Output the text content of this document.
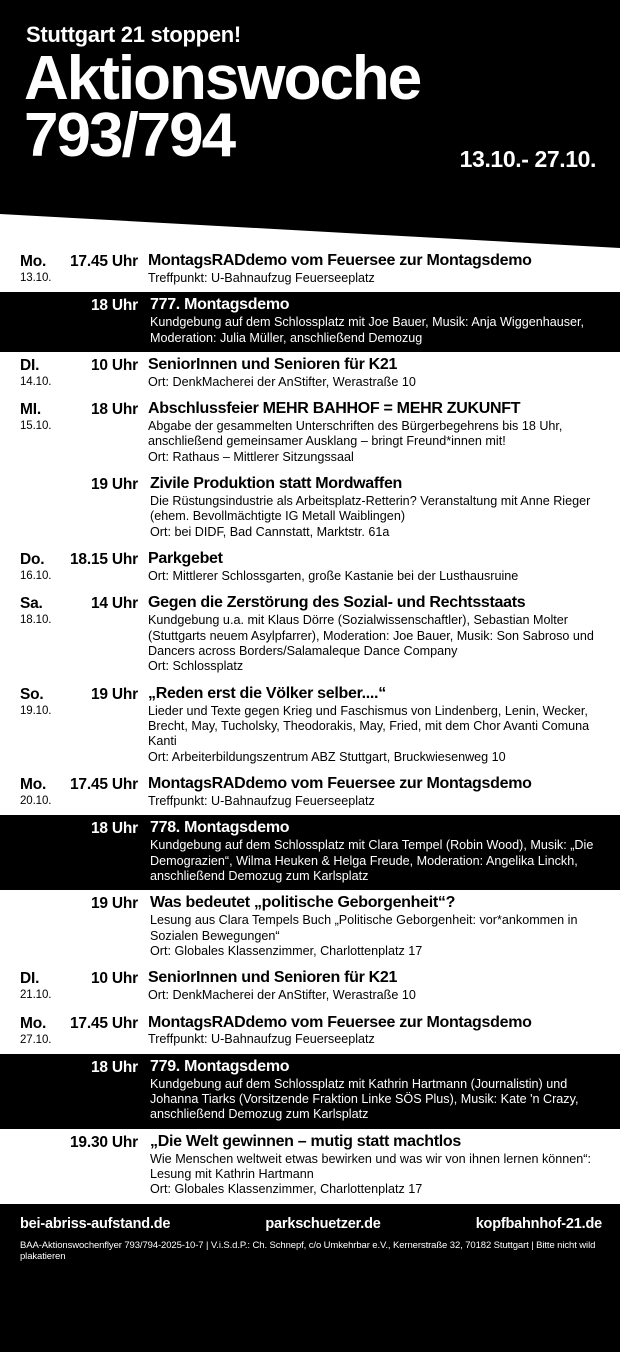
Stuttgart 21 stoppen!
Aktionswoche
793/794	13.10.- 27.10.
Mo. 17.45 Uhr
13.10.
MontagsRADdemo vom Feuersee zur Montagsdemo
Treffpunkt: U-Bahnaufzug Feuerseeplatz
18 Uhr 777. Montagsdemo
Kundgebung auf dem Schlossplatz mit Joe Bauer, Musik: Anja Wiggenhauser, Moderation: Julia Müller, anschließend Demozug
DI.	10 Uhr
14.10.
SeniorInnen und Senioren für K21
Ort: DenkMacherei der AnStifter, Werastraße 10
MI.	18 Uhr
15.10.
Abschlussfeier MEHR BAHHOF = MEHR ZUKUNFT
Abgabe der gesammelten Unterschriften des Bürgerbegehrens bis 18 Uhr, anschließend gemeinsamer Ausklang – bringt Freund*innen mit!
Ort: Rathaus – Mittlerer Sitzungssaal
19 Uhr Zivile Produktion statt Mordwaffen
Die Rüstungsindustrie als Arbeitsplatz-Retterin? Veranstaltung mit Anne Rieger (ehem. Bevollmächtigte IG Metall Waiblingen)
Ort: bei DIDF, Bad Cannstatt, Marktstr. 61a
Do. 18.15 Uhr
16.10.
Parkgebet
Ort: Mittlerer Schlossgarten, große Kastanie bei der Lusthausruine
Sa.	14 Uhr
18.10.
Gegen die Zerstörung des Sozial- und Rechtsstaats
Kundgebung u.a. mit Klaus Dörre (Sozialwissenschaftler), Sebastian Molter (Stuttgarts neuem Asylpfarrer), Moderation: Joe Bauer, Musik: Son Sabroso und Dancers across Borders/Salamaleque Dance Company
Ort: Schlossplatz
So.	19 Uhr
19.10.
„Reden erst die Völker selber....“
Lieder und Texte gegen Krieg und Faschismus von Lindenberg, Lenin, Wecker, Brecht, May, Tucholsky, Theodorakis, May, Fried, mit dem Chor Avanti Comuna Kanti
Ort: Arbeiterbildungszentrum ABZ Stuttgart, Bruckwiesenweg 10
Mo. 17.45 Uhr
20.10.
MontagsRADdemo vom Feuersee zur Montagsdemo
Treffpunkt: U-Bahnaufzug Feuerseeplatz
18 Uhr 778. Montagsdemo
Kundgebung auf dem Schlossplatz mit Clara Tempel (Robin Wood), Musik: „Die Demograzien“, Wilma Heuken & Helga Freude, Moderation: Angelika Linckh, anschließend Demozug zum Karlsplatz
19 Uhr Was bedeutet „politische Geborgenheit“?
Lesung aus Clara Tempels Buch „Politische Geborgenheit: vor*ankommen in Sozialen Bewegungen“
Ort: Globales Klassenzimmer, Charlottenplatz 17
DI.	10 Uhr
21.10.
SeniorInnen und Senioren für K21
Ort: DenkMacherei der AnStifter, Werastraße 10
Mo. 17.45 Uhr
27.10.
MontagsRADdemo vom Feuersee zur Montagsdemo
Treffpunkt: U-Bahnaufzug Feuerseeplatz
18 Uhr 779. Montagsdemo
Kundgebung auf dem Schlossplatz mit Kathrin Hartmann (Journalistin) und Johanna Tiarks (Vorsitzende Fraktion Linke SÖS Plus), Musik: Kate 'n Crazy, anschließend Demozug zum Karlsplatz
19.30 Uhr „Die Welt gewinnen – mutig statt machtlos
Wie Menschen weltweit etwas bewirken und was wir von ihnen lernen können“: Lesung mit Kathrin Hartmann
Ort: Globales Klassenzimmer, Charlottenplatz 17
bei-abriss-aufstand.de	parkschuetzer.de	kopfbahnhof-21.de
BAA-Aktionswochenflyer 793/794-2025-10-7 | V.i.S.d.P.: Ch. Schnepf, c/o Umkehrbar e.V., Kernerstraße 32, 70182 Stuttgart | Bitte nicht wild plakatieren
